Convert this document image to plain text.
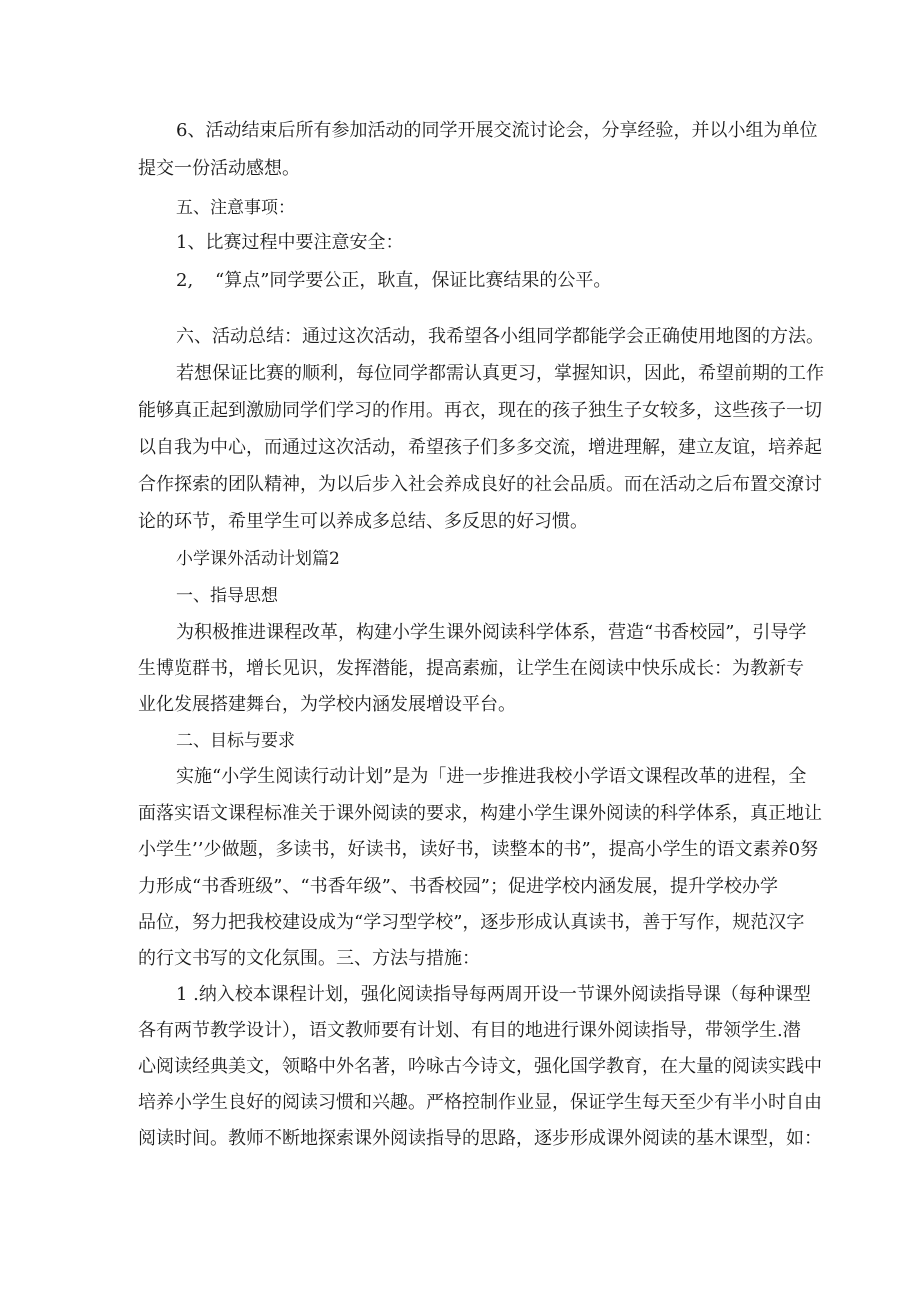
6、活动结束后所有参加活动的同学开展交流讨论会，分享经验，并以小组为单位
提交一份活动感想。
五、注意事项：
1、比赛过程中要注意安全：
2, “算点”同学要公正，耿直，保证比赛结果的公平。
六、活动总结：通过这次活动，我希望各小组同学都能学会正确使用地图的方法。
若想保证比赛的顺利，每位同学都需认真更习，掌握知识，因此，希望前期的工作
能够真正起到激励同学们学习的作用。再衣，现在的孩子独生子女较多，这些孩子一切
以自我为中心，而通过这次活动，希望孩子们多多交流，增进理解，建立友谊，培养起
合作探索的团队精神，为以后步入社会养成良好的社会品质。而在活动之后布置交潦讨
论的环节，希里学生可以养成多总结、多反思的好习惯。
小学课外活动计划篇2
一、指导思想
为积极推进课程改革，构建小学生课外阅读科学体系，营造“书香校园”，引导学
生博览群书，增长见识，发挥潜能，提高素痂，让学生在阅读中快乐成长：为教新专
业化发展搭建舞台，为学校内涵发展增设平台。
二、目标与要求
实施“小学生阅读行动计划”是为「进一步推进我校小学语文课程改革的进程，全
面落实语文课程标准关于课外阅读的要求，构建小学生课外阅读的科学体系，真正地让
小学生’’少做题，多读书，好读书，读好书，读整本的书”，提高小学生的语文素养0努
力形成“书香班级”、“书香年级”、书香校园”；促进学校内涵发展，提升学校办学
品位，努力把我校建设成为“学习型学校”，逐步形成认真读书，善于写作，规范汉字
的行文书写的文化氛围。三、方法与措施：
1 .纳入校本课程计划，强化阅读指导每两周开设一节课外阅读指导课（每种课型
各有两节教学设计），语文教师要有计划、有目的地进行课外阅读指导，带领学生.潜
心阅读经典美文，领略中外名著，吟咏古今诗文，强化国学教育，在大量的阅读实践中
培养小学生良好的阅读习惯和兴趣。严格控制作业显，保证学生每天至少有半小时自由
阅读时间。教师不断地探索课外阅读指导的思路，逐步形成课外阅读的基木课型，如：
